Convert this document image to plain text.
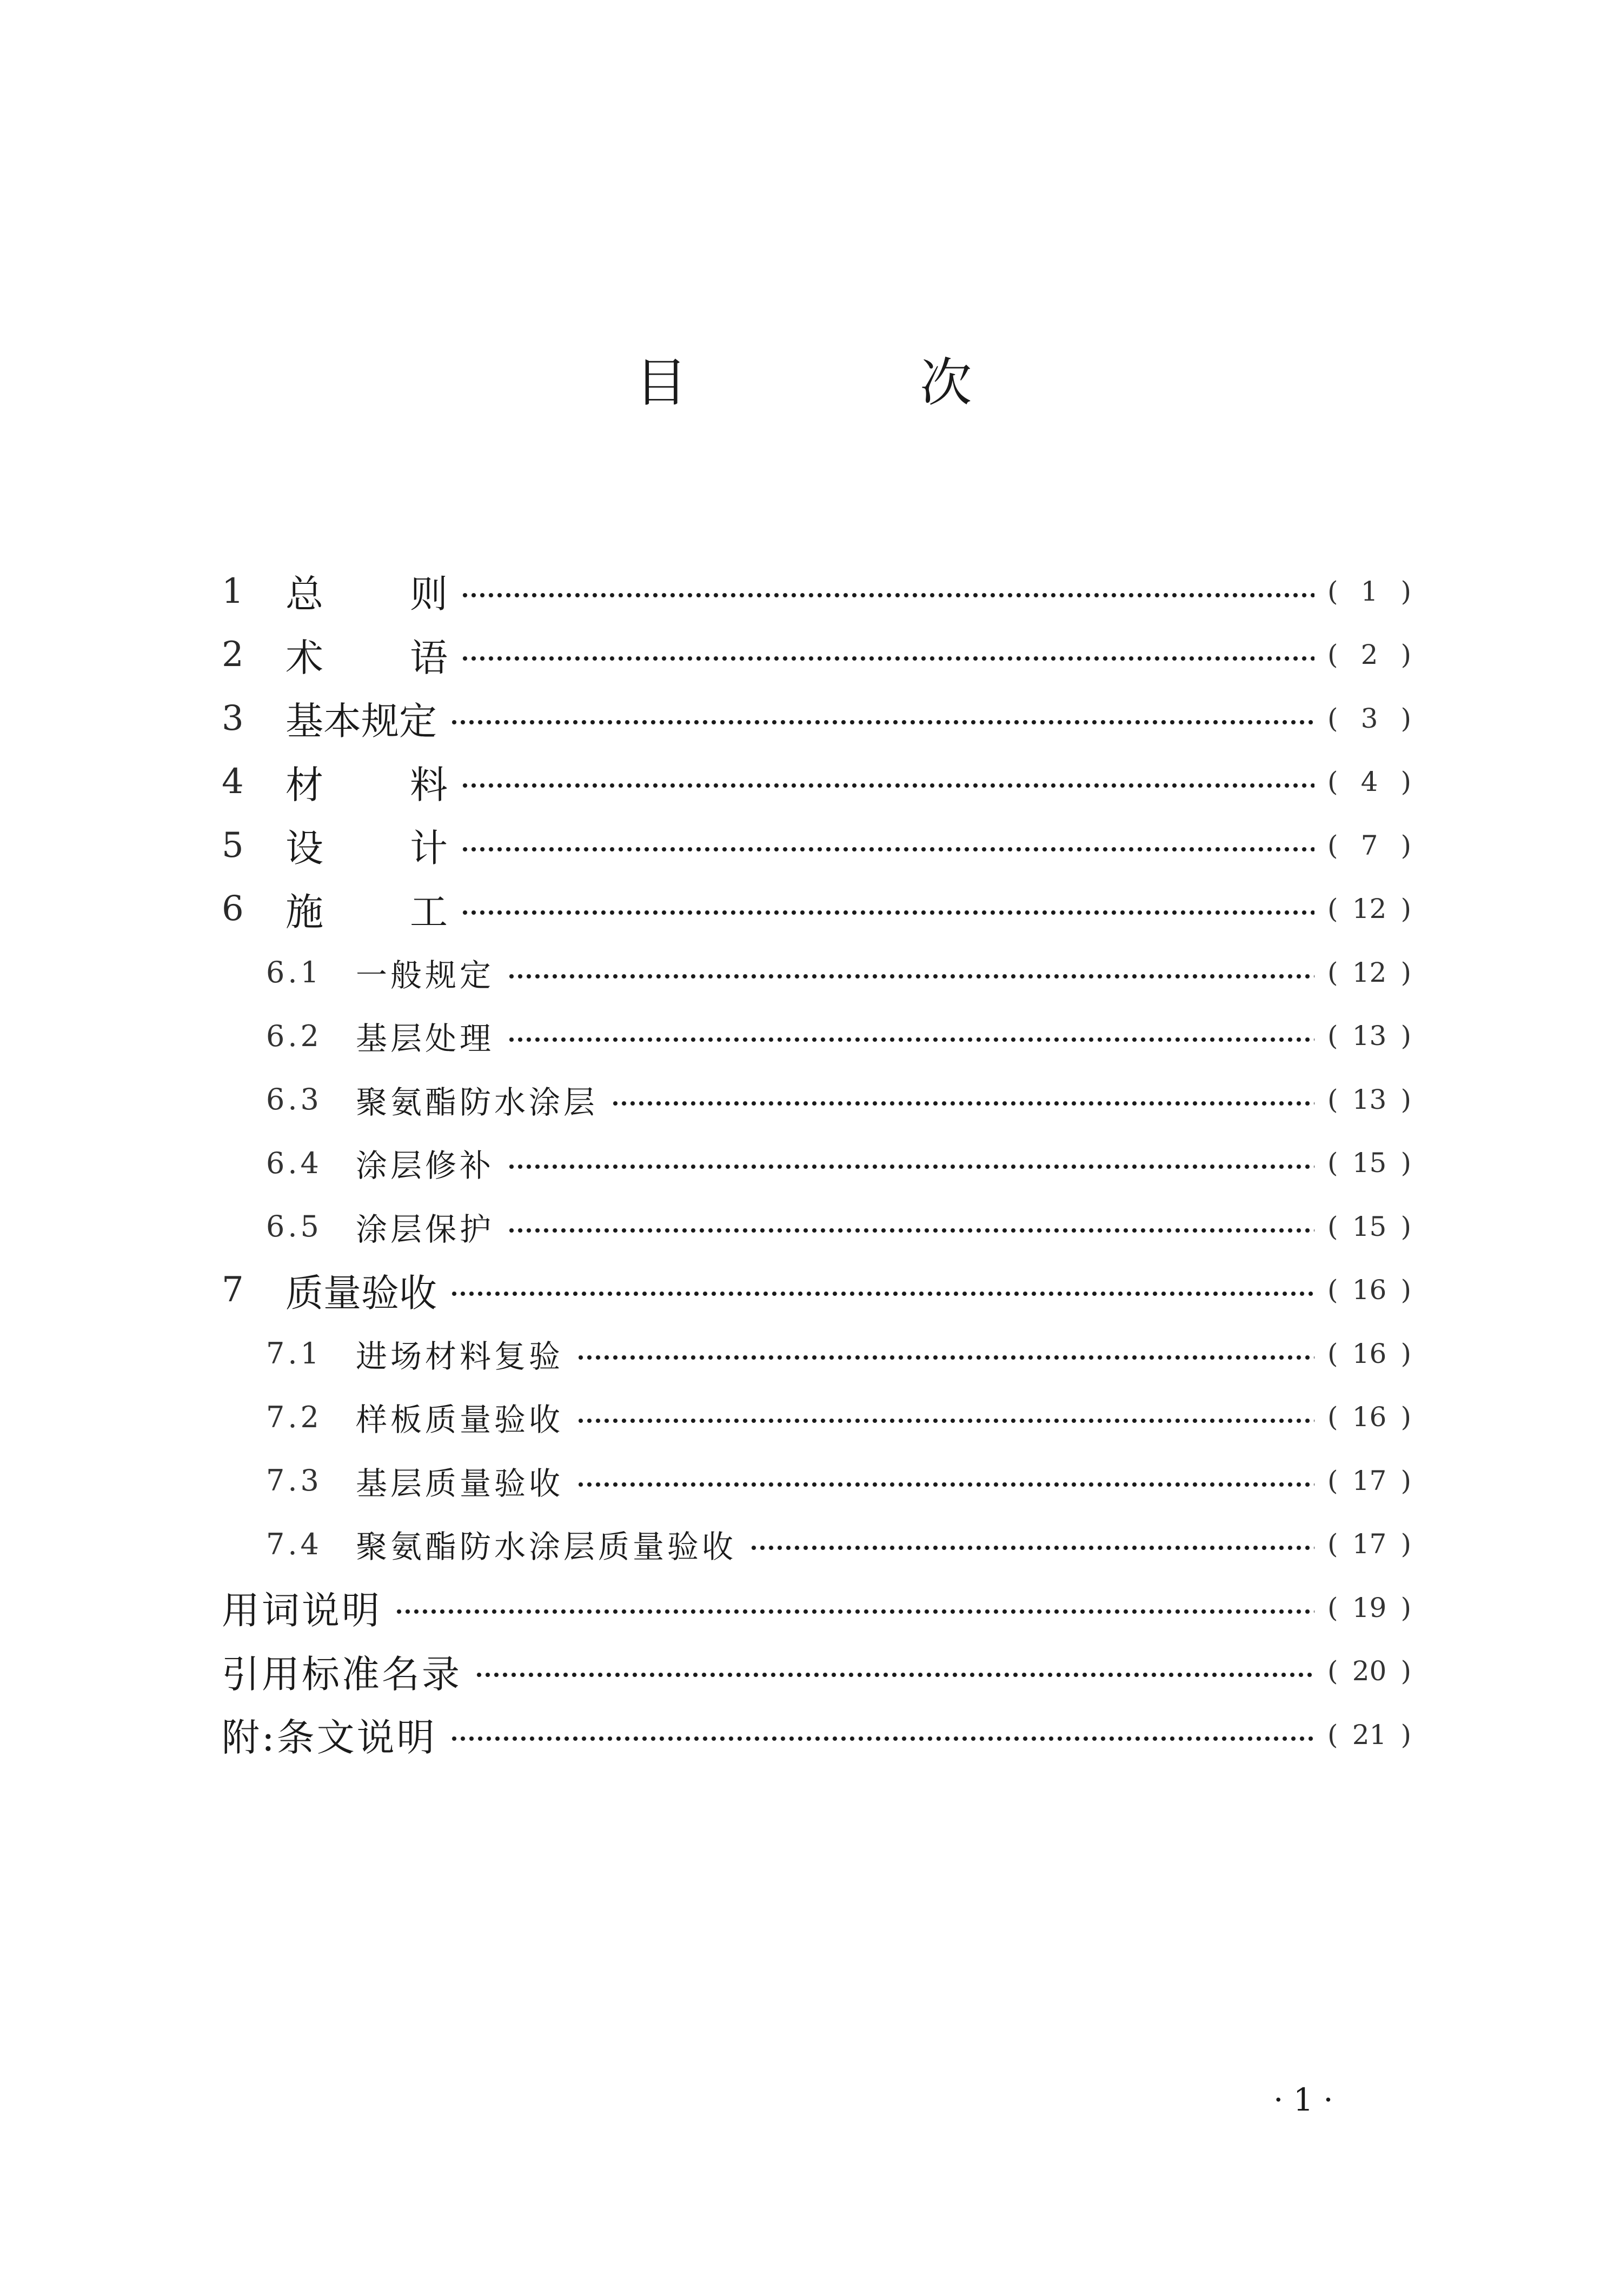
目 次
1	总 则	( 1 )
2	术 语	( 2 )
3	基本规定	( 3 )
4	材 料	( 4 )
5	设 计	( 7 )
6	施 工	( 12 )
6.1	一般规定	( 12 )
6.2	基层处理	( 13 )
6.3	聚氨酯防水涂层	( 13 )
6.4	涂层修补	( 15 )
6.5	涂层保护	( 15 )
7	质量验收	( 16 )
7.1	进场材料复验	( 16 )
7.2	样板质量验收	( 16 )
7.3	基层质量验收	( 17 )
7.4	聚氨酯防水涂层质量验收	( 17 )
用词说明	( 19 )
引用标准名录	( 20 )
附:条文说明	( 21 )
· 1 ·
